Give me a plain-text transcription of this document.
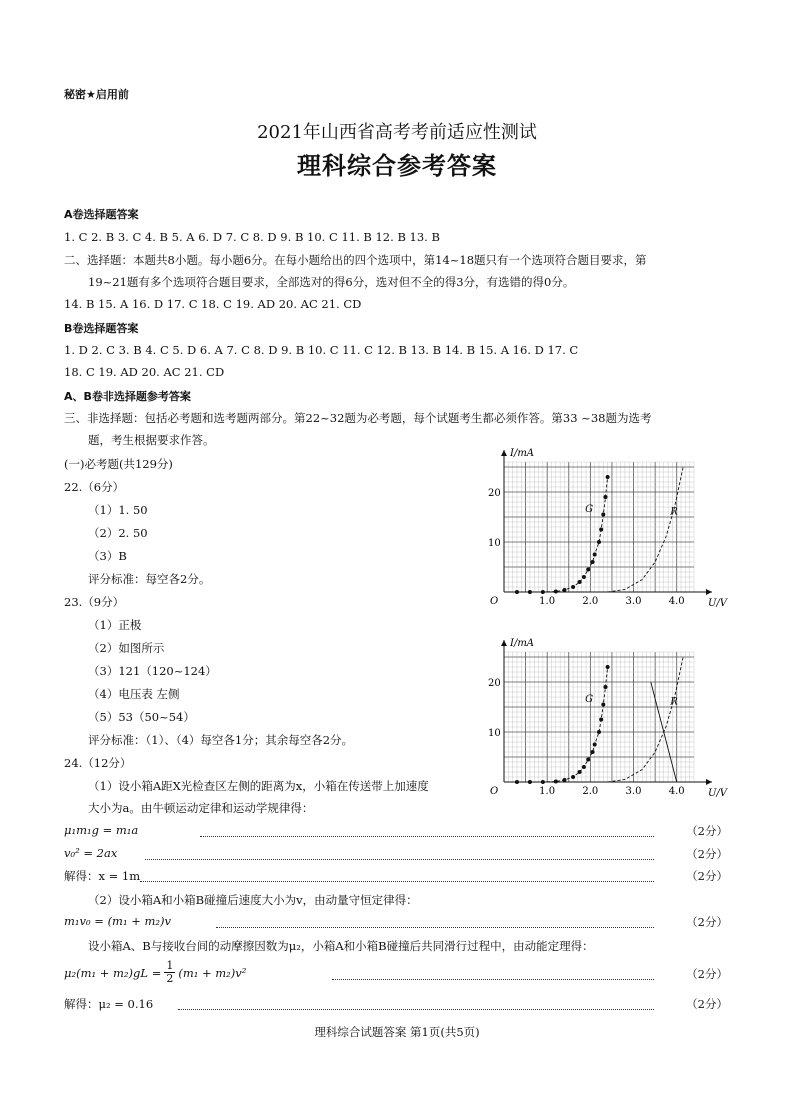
秘密★启用前
2021年山西省高考考前适应性测试
理科综合参考答案
A卷选择题答案
1. C 2. B 3. C 4. B 5. A 6. D 7. C 8. D 9. B 10. C 11. B 12. B 13. B
二、选择题：本题共8小题。每小题6分。在每小题给出的四个选项中，第14~18题只有一个选项符合题目要求，第
19~21题有多个选项符合题目要求，全部选对的得6分，选对但不全的得3分，有选错的得0分。
14. B 15. A 16. D 17. C 18. C 19. AD 20. AC 21. CD
B卷选择题答案
1. D 2. C 3. B 4. C 5. D 6. A 7. C 8. D 9. B 10. C 11. C 12. B 13. B 14. B 15. A 16. D 17. C
18. C 19. AD 20. AC 21. CD
A、B卷非选择题参考答案
三、非选择题：包括必考题和选考题两部分。第22~32题为必考题，每个试题考生都必须作答。第33 ~38题为选考
题，考生根据要求作答。
(一)必考题(共129分)
22.（6分）
（1）1. 50
（2）2. 50
（3）B
评分标准：每空各2分。
23.（9分）
（1）正极
（2）如图所示
（3）121（120~124）
（4）电压表 左侧
（5）53（50~54）
评分标准：（1）、（4）每空各1分；其余每空各2分。
24.（12分）
（1）设小箱A距X光检查区左侧的距离为x，小箱在传送带上加速度
大小为a。由牛顿运动定律和运动学规律得：
μ₁m₁g = m₁a	（2分）
v₀² = 2ax	（2分）
解得：x = 1m	（2分）
（2）设小箱A和小箱B碰撞后速度大小为v，由动量守恒定律得：
m₁v₀ = (m₁ + m₂)v	（2分）
设小箱A、B与接收台间的动摩擦因数为μ₂，小箱A和小箱B碰撞后共同滑行过程中，由动能定理得：
$\mu_2(m_1 + m_2)gL = \frac{1}{2} (m_1 + m_2)v^2$	（2分）
解得：μ₂ = 0.16	（2分）
理科综合试题答案 第1页(共5页)
I/mA
U/V
O	1.0	2.0	3.0	4.0
10
20
G	R
I/mA
U/V
O	1.0	2.0	3.0	4.0
10
20
G	R
